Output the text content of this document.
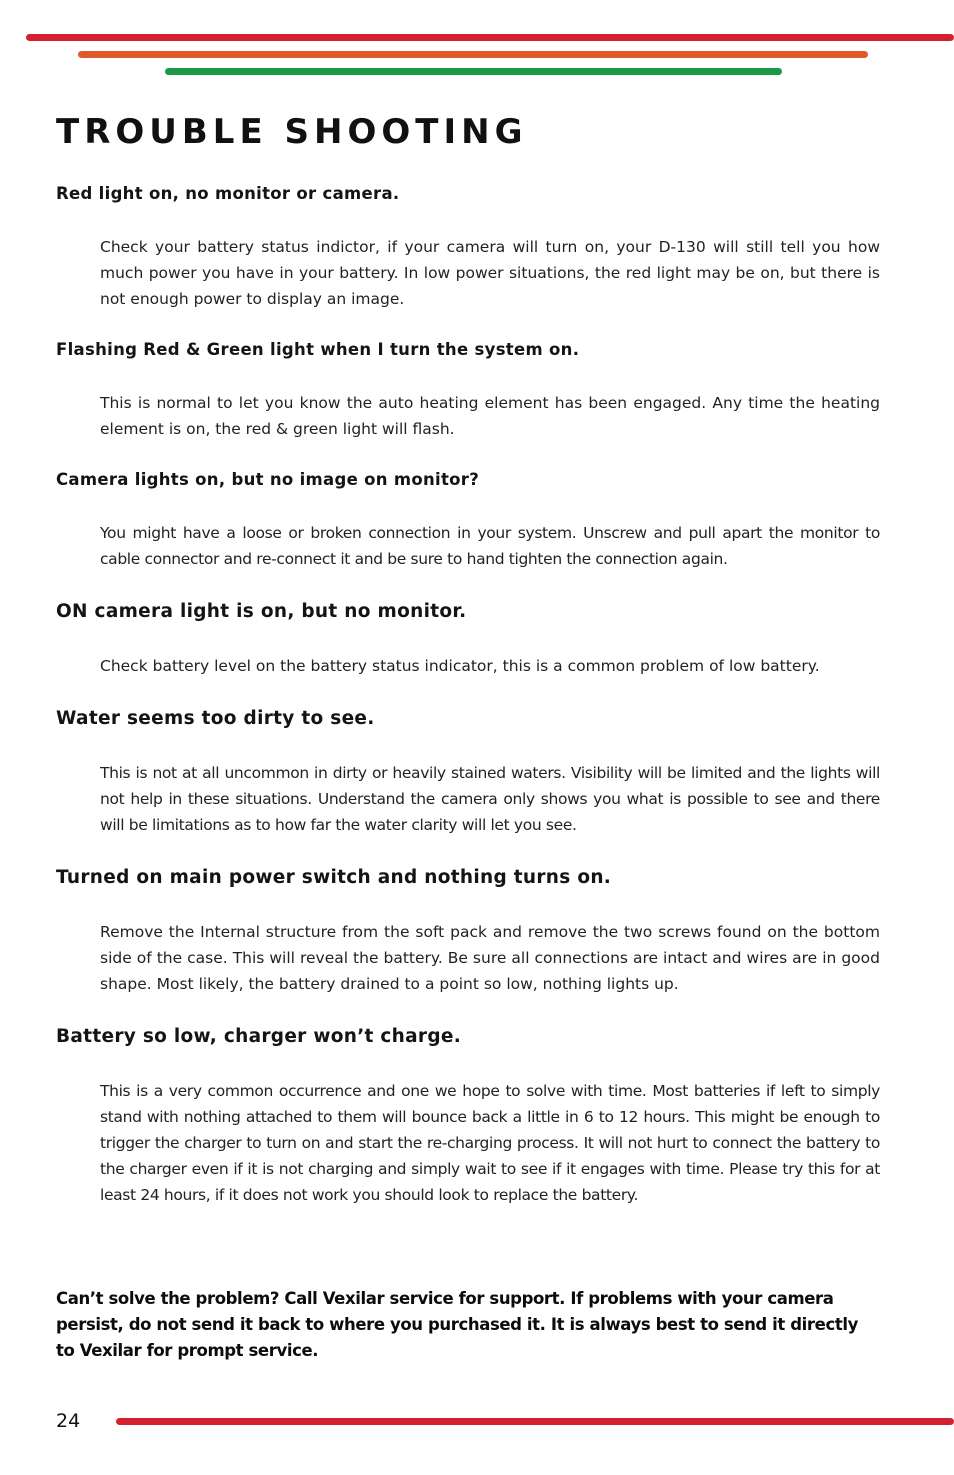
TROUBLE SHOOTING
Red light on, no monitor or camera.

Check your battery status indictor, if your camera will turn on, your D-130 will still tell you how much power you have in your battery. In low power situations, the red light may be on, but there is not enough power to display an image.

Flashing Red & Green light when I turn the system on.

This is normal to let you know the auto heating element has been engaged. Any time the heating element is on, the red & green light will flash.

Camera lights on, but no image on monitor?

You might have a loose or broken connection in your system. Unscrew and pull apart the monitor to cable connector and re-connect it and be sure to hand tighten the connection again.

ON camera light is on, but no monitor.

Check battery level on the battery status indicator, this is a common problem of low battery.

Water seems too dirty to see.

This is not at all uncommon in dirty or heavily stained waters. Visibility will be limited and the lights will not help in these situations. Understand the camera only shows you what is possible to see and there will be limitations as to how far the water clarity will let you see.

Turned on main power switch and nothing turns on.

Remove the Internal structure from the soft pack and remove the two screws found on the bottom side of the case. This will reveal the battery. Be sure all connections are intact and wires are in good shape. Most likely, the battery drained to a point so low, nothing lights up.

Battery so low, charger won’t charge.

This is a very common occurrence and one we hope to solve with time. Most batteries if left to simply stand with nothing attached to them will bounce back a little in 6 to 12 hours. This might be enough to trigger the charger to turn on and start the re-charging process. It will not hurt to connect the battery to the charger even if it is not charging and simply wait to see if it engages with time. Please try this for at least 24 hours, if it does not work you should look to replace the battery.

Can’t solve the problem? Call Vexilar service for support. If problems with your camera persist, do not send it back to where you purchased it. It is always best to send it directly to Vexilar for prompt service.

24
